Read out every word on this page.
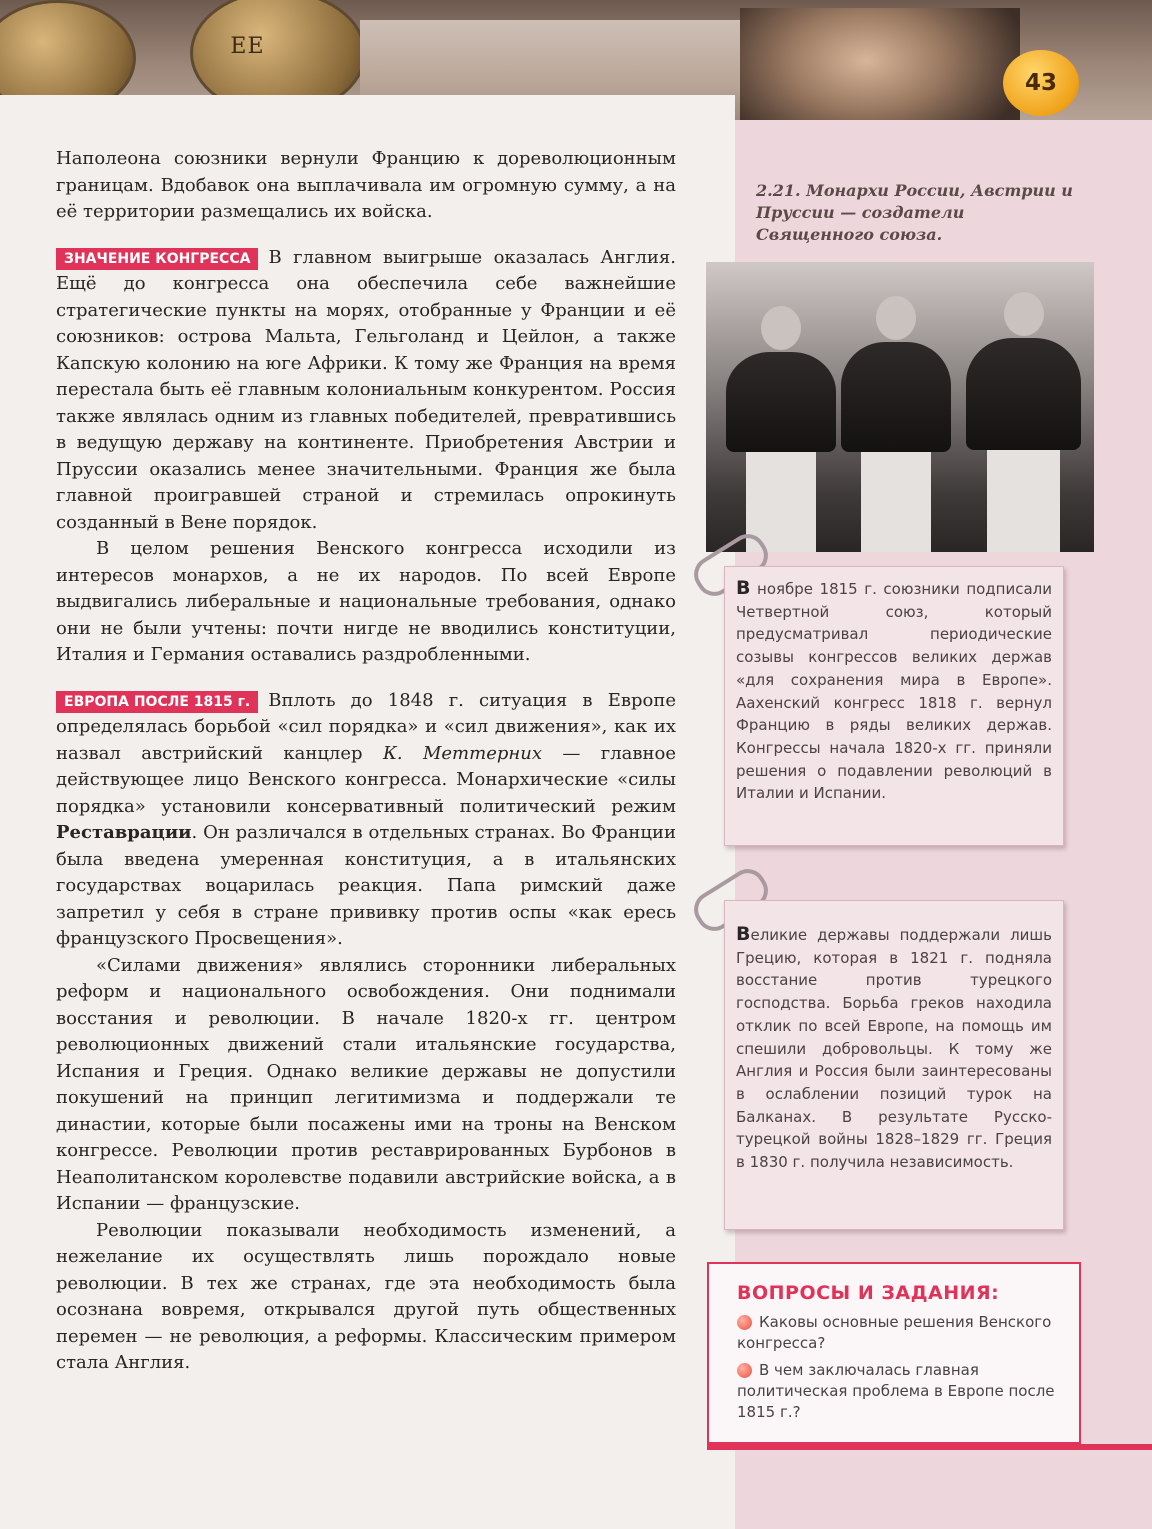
ЕЕ
43

Наполеона союзники вернули Францию к дореволюционным границам. Вдобавок она выплачивала им огромную сумму, а на её территории размещались их войска.

ЗНАЧЕНИЕ КОНГРЕССА В главном выигрыше оказалась Англия. Ещё до конгресса она обеспечила себе важнейшие стратегические пункты на морях, отобранные у Франции и её союзников: острова Мальта, Гельголанд и Цейлон, а также Капскую колонию на юге Африки. К тому же Франция на время перестала быть её главным колониальным конкурентом. Россия также являлась одним из главных победителей, превратившись в ведущую державу на континенте. Приобретения Австрии и Пруссии оказались менее значительными. Франция же была главной проигравшей страной и стремилась опрокинуть созданный в Вене порядок.

В целом решения Венского конгресса исходили из интересов монархов, а не их народов. По всей Европе выдвигались либеральные и национальные требования, однако они не были учтены: почти нигде не вводились конституции, Италия и Германия оставались раздробленными.

ЕВРОПА ПОСЛЕ 1815 г. Вплоть до 1848 г. ситуация в Европе определялась борьбой «сил порядка» и «сил движения», как их назвал австрийский канцлер К. Меттерних — главное действующее лицо Венского конгресса. Монархические «силы порядка» установили консервативный политический режим Реставрации. Он различался в отдельных странах. Во Франции была введена умеренная конституция, а в итальянских государствах воцарилась реакция. Папа римский даже запретил у себя в стране прививку против оспы «как ересь французского Просвещения».

«Силами движения» являлись сторонники либеральных реформ и национального освобождения. Они поднимали восстания и революции. В начале 1820-х гг. центром революционных движений стали итальянские государства, Испания и Греция. Однако великие державы не допустили покушений на принцип легитимизма и поддержали те династии, которые были посажены ими на троны на Венском конгрессе. Революции против реставрированных Бурбонов в Неаполитанском королевстве подавили австрийские войска, а в Испании — французские.

Революции показывали необходимость изменений, а нежелание их осуществлять лишь порождало новые революции. В тех же странах, где эта необходимость была осознана вовремя, открывался другой путь общественных перемен — не революция, а реформы. Классическим примером стала Англия.

2.21. Монархи России, Австрии и Пруссии — создатели Священного союза.

В ноябре 1815 г. союзники подписали Четвертной союз, который предусматривал периодические созывы конгрессов великих держав «для сохранения мира в Европе». Аахенский конгресс 1818 г. вернул Францию в ряды великих держав. Конгрессы начала 1820-х гг. приняли решения о подавлении революций в Италии и Испании.

Великие державы поддержали лишь Грецию, которая в 1821 г. подняла восстание против турецкого господства. Борьба греков находила отклик по всей Европе, на помощь им спешили добровольцы. К тому же Англия и Россия были заинтересованы в ослаблении позиций турок на Балканах. В результате Русско-турецкой войны 1828–1829 гг. Греция в 1830 г. получила независимость.

ВОПРОСЫ И ЗАДАНИЯ:
Каковы основные решения Венского конгресса?
В чем заключалась главная политическая проблема в Европе после 1815 г.?
